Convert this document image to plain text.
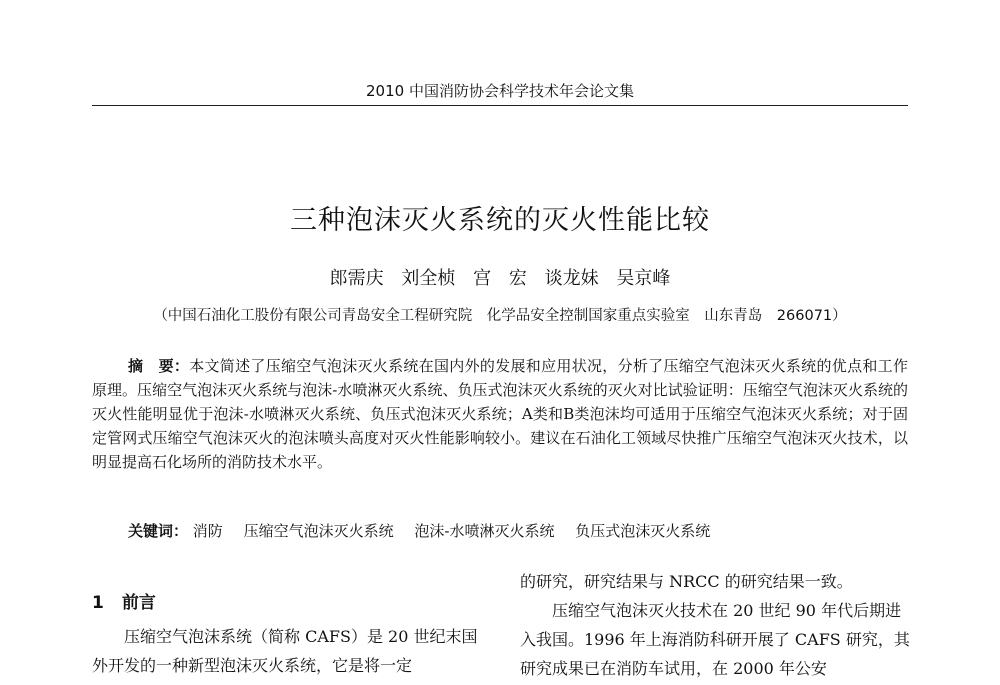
2010 中国消防协会科学技术年会论文集
三种泡沫灭火系统的灭火性能比较
郎需庆 刘全桢 宫 宏 谈龙妹 吴京峰
（中国石油化工股份有限公司青岛安全工程研究院　化学品安全控制国家重点实验室　山东青岛　266071）
摘　要：本文简述了压缩空气泡沫灭火系统在国内外的发展和应用状况，分析了压缩空气泡沫灭火系统的优点和工作原理。压缩空气泡沫灭火系统与泡沫-水喷淋灭火系统、负压式泡沫灭火系统的灭火对比试验证明：压缩空气泡沫灭火系统的灭火性能明显优于泡沫-水喷淋灭火系统、负压式泡沫灭火系统；A类和B类泡沫均可适用于压缩空气泡沫灭火系统；对于固定管网式压缩空气泡沫灭火的泡沫喷头高度对灭火性能影响较小。建议在石油化工领域尽快推广压缩空气泡沫灭火技术，以明显提高石化场所的消防技术水平。
关键词： 消防 压缩空气泡沫灭火系统 泡沫-水喷淋灭火系统 负压式泡沫灭火系统
1 前言
压缩空气泡沫系统（简称 CAFS）是 20 世纪末国外开发的一种新型泡沫灭火系统，它是将一定
的研究，研究结果与 NRCC 的研究结果一致。
压缩空气泡沫灭火技术在 20 世纪 90 年代后期进入我国。1996 年上海消防科研开展了 CAFS 研究，其研究成果已在消防车试用，在 2000 年公安
